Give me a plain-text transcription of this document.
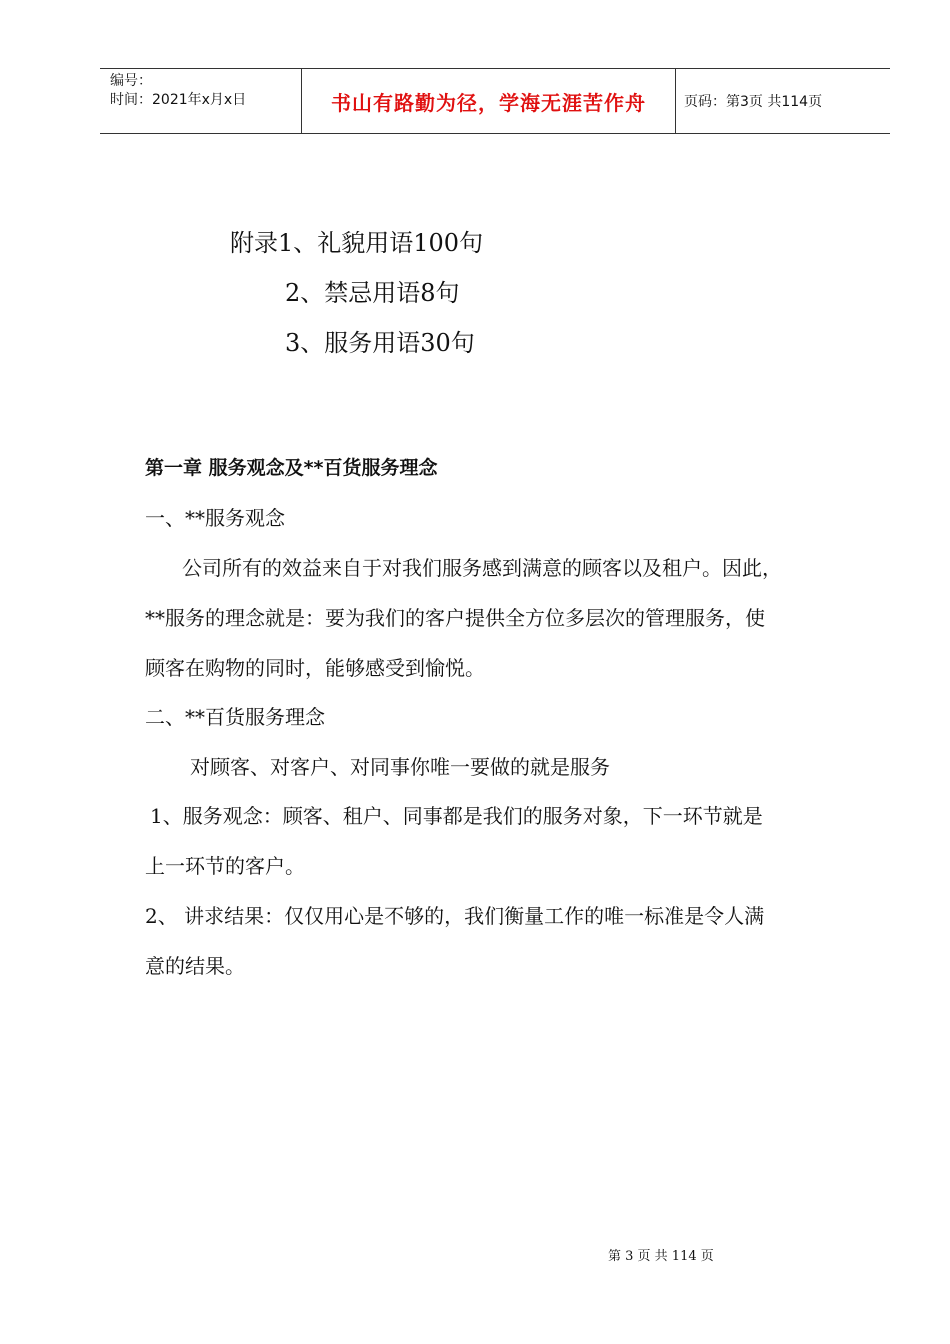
编号：
时间：2021年x月x日	书山有路勤为径，学海无涯苦作舟	页码：第3页 共114页
附录1、礼貌用语100句
2、禁忌用语8句
3、服务用语30句
第一章 服务观念及**百货服务理念
一、**服务观念
公司所有的效益来自于对我们服务感到满意的顾客以及租户。因此，
**服务的理念就是：要为我们的客户提供全方位多层次的管理服务，使
顾客在购物的同时，能够感受到愉悦。
二、**百货服务理念
对顾客、对客户、对同事你唯一要做的就是服务
1、服务观念：顾客、租户、同事都是我们的服务对象，下一环节就是
上一环节的客户。
2、 讲求结果：仅仅用心是不够的，我们衡量工作的唯一标准是令人满
意的结果。
第 3 页 共 114 页
